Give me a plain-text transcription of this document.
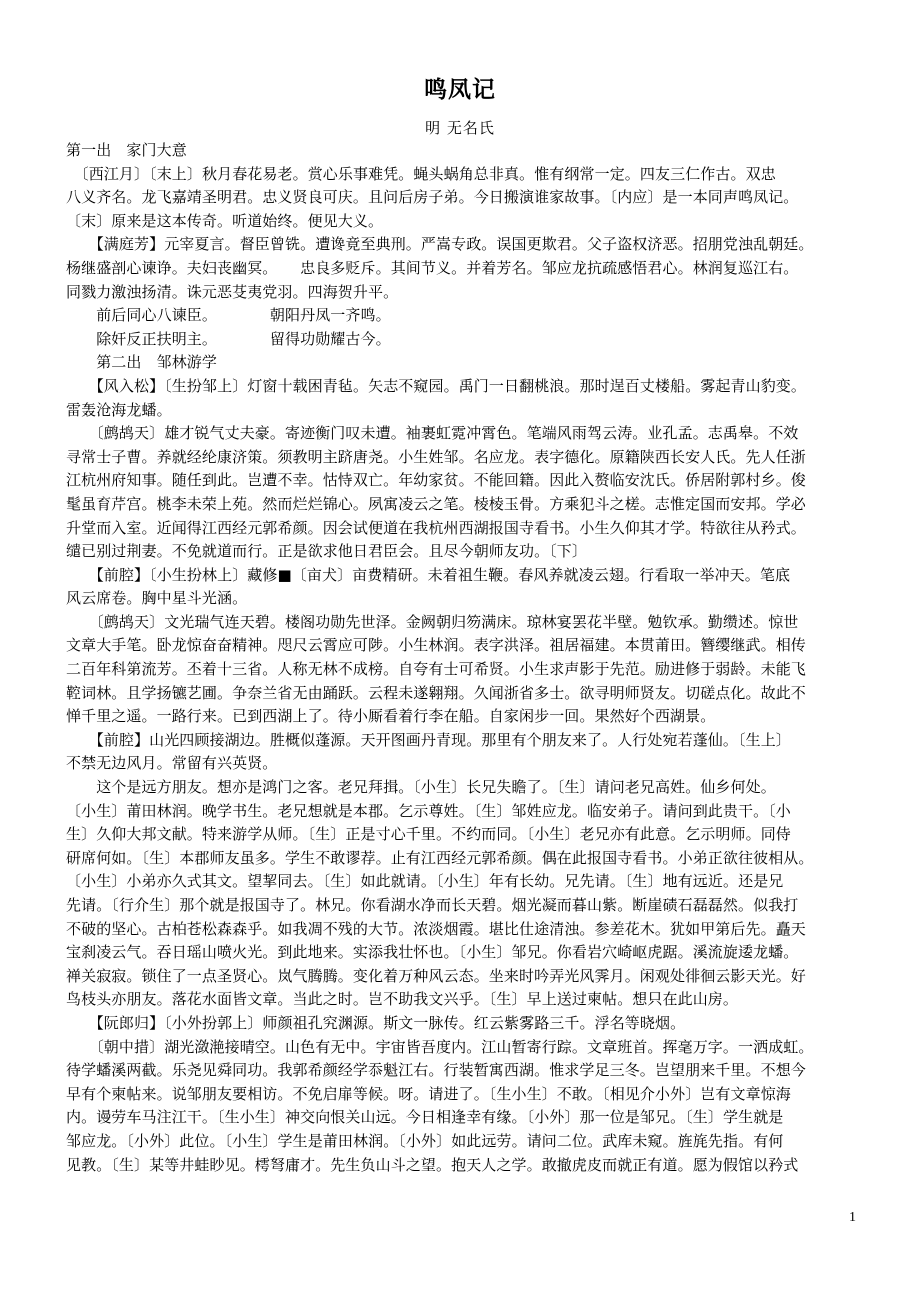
鸣凤记
明 无名氏
第一出　家门大意
　〔西江月〕〔末上〕秋月春花易老。赏心乐事难凭。蝇头蜗角总非真。惟有纲常一定。四友三仁作古。双忠
八义齐名。龙飞嘉靖圣明君。忠义贤良可庆。且问后房子弟。今日搬演谁家故事。〔内应〕是一本同声鸣凤记。
〔末〕原来是这本传奇。听道始终。便见大义。
　　【满庭芳】元宰夏言。督臣曾铣。遭谗竟至典刑。严嵩专政。误国更欺君。父子盗权济恶。招朋党浊乱朝廷。
杨继盛剖心谏诤。夫妇丧幽冥。　　忠良多贬斥。其间节义。并着芳名。邹应龙抗疏感悟君心。林润复巡江右。
同戮力激浊扬清。诛元恶芟夷党羽。四海贺升平。
　　前后同心八谏臣。　　　　朝阳丹凤一齐鸣。
　　除奸反正扶明主。　　　　留得功勋耀古今。
　　第二出　邹林游学
　　【风入松】〔生扮邹上〕灯窗十载困青毡。矢志不窥园。禹门一日翻桃浪。那时逞百丈楼船。雾起青山豹变。
雷轰沧海龙蟠。
　　〔鹧鸪天〕雄才锐气丈夫豪。寄迹衡门叹未遭。袖裹虹霓冲霄色。笔端风雨驾云涛。业孔孟。志禹皋。不效
寻常士子曹。养就经纶康济策。须教明主跻唐尧。小生姓邹。名应龙。表字德化。原籍陕西长安人氏。先人任浙
江杭州府知事。随任到此。岂遭不幸。怙恃双亡。年幼家贫。不能回籍。因此入赘临安沈氏。侨居附郭村乡。俊
髦虽育芹宫。桃李未荣上苑。然而烂烂锦心。夙寓凌云之笔。棱棱玉骨。方乘犯斗之槎。志惟定国而安邦。学必
升堂而入室。近闻得江西经元郭希颜。因会试便道在我杭州西湖报国寺看书。小生久仰其才学。特欲往从矜式。
缱已别过荆妻。不免就道而行。正是欲求他日君臣会。且尽今朝师友功。〔下〕
　　【前腔】〔小生扮林上〕藏修■〔亩犬〕亩费精研。未着祖生鞭。春风养就凌云翅。行看取一举冲天。笔底
风云席卷。胸中星斗光涵。
　　〔鹧鸪天〕文光瑞气连天碧。楼阁功勋先世泽。金阙朝归笏满床。琼林宴罢花半壁。勉钦承。勤缵述。惊世
文章大手笔。卧龙惊奋奋精神。咫尺云霄应可陟。小生林润。表字洪泽。祖居福建。本贯莆田。簪缨继武。相传
二百年科第流芳。丕着十三省。人称无林不成榜。自夸有士可希贤。小生求声影于先范。励进修于弱龄。未能飞
鞚词林。且学扬镳艺圃。争奈兰省无由踊跃。云程未遂翱翔。久闻浙省多士。欲寻明师贤友。切磋点化。故此不
惮千里之遥。一路行来。已到西湖上了。待小厮看着行李在船。自家闲步一回。果然好个西湖景。
　　【前腔】山光四顾接湖边。胜概似蓬源。天开图画丹青现。那里有个朋友来了。人行处宛若蓬仙。〔生上〕
不禁无边风月。常留有兴英贤。
　　这个是远方朋友。想亦是鸿门之客。老兄拜揖。〔小生〕长兄失瞻了。〔生〕请问老兄高姓。仙乡何处。
〔小生〕莆田林润。晚学书生。老兄想就是本郡。乞示尊姓。〔生〕邹姓应龙。临安弟子。请问到此贵干。〔小
生〕久仰大邦文献。特来游学从师。〔生〕正是寸心千里。不约而同。〔小生〕老兄亦有此意。乞示明师。同侍
研席何如。〔生〕本郡师友虽多。学生不敢谬荐。止有江西经元郭希颜。偶在此报国寺看书。小弟正欲往彼相从。
〔小生〕小弟亦久式其文。望挈同去。〔生〕如此就请。〔小生〕年有长幼。兄先请。〔生〕地有远近。还是兄
先请。〔行介生〕那个就是报国寺了。林兄。你看湖水净而长天碧。烟光凝而暮山紫。断崖碛石磊磊然。似我打
不破的坚心。古柏苍松森森乎。如我凋不残的大节。浓淡烟霞。堪比仕途清浊。参差花木。犹如甲第后先。矗天
宝刹凌云气。吞日瑶山喷火光。到此地来。实添我壮怀也。〔小生〕邹兄。你看岩穴崎岖虎踞。溪流旋逶龙蟠。
禅关寂寂。锁住了一点圣贤心。岚气腾腾。变化着万种风云态。坐来时吟弄光风霁月。闲观处徘徊云影天光。好
鸟枝头亦朋友。落花水面皆文章。当此之时。岂不助我文兴乎。〔生〕早上送过柬帖。想只在此山房。
　　【阮郎归】〔小外扮郭上〕师颜祖孔究渊源。斯文一脉传。红云紫雾路三千。浮名等晓烟。
　　〔朝中措〕湖光潋滟接晴空。山色有无中。宇宙皆吾度内。江山暂寄行踪。文章班首。挥毫万字。一洒成虹。
待学蟠溪两截。乐尧见舜同功。我郭希颜经学忝魁江右。行装暂寓西湖。惟求学足三冬。岂望朋来千里。不想今
早有个柬帖来。说邹朋友要相访。不免启扉等候。呀。请进了。〔生小生〕不敢。〔相见介小外〕岂有文章惊海
内。谩劳车马注江干。〔生小生〕神交向恨关山远。今日相逢幸有缘。〔小外〕那一位是邹兄。〔生〕学生就是
邹应龙。〔小外〕此位。〔小生〕学生是莆田林润。〔小外〕如此远劳。请问二位。武库未窥。旌旄先指。有何
见教。〔生〕某等井蛙眇见。樗弩庸才。先生负山斗之望。抱天人之学。敢撤虎皮而就正有道。愿为假馆以矜式
1
